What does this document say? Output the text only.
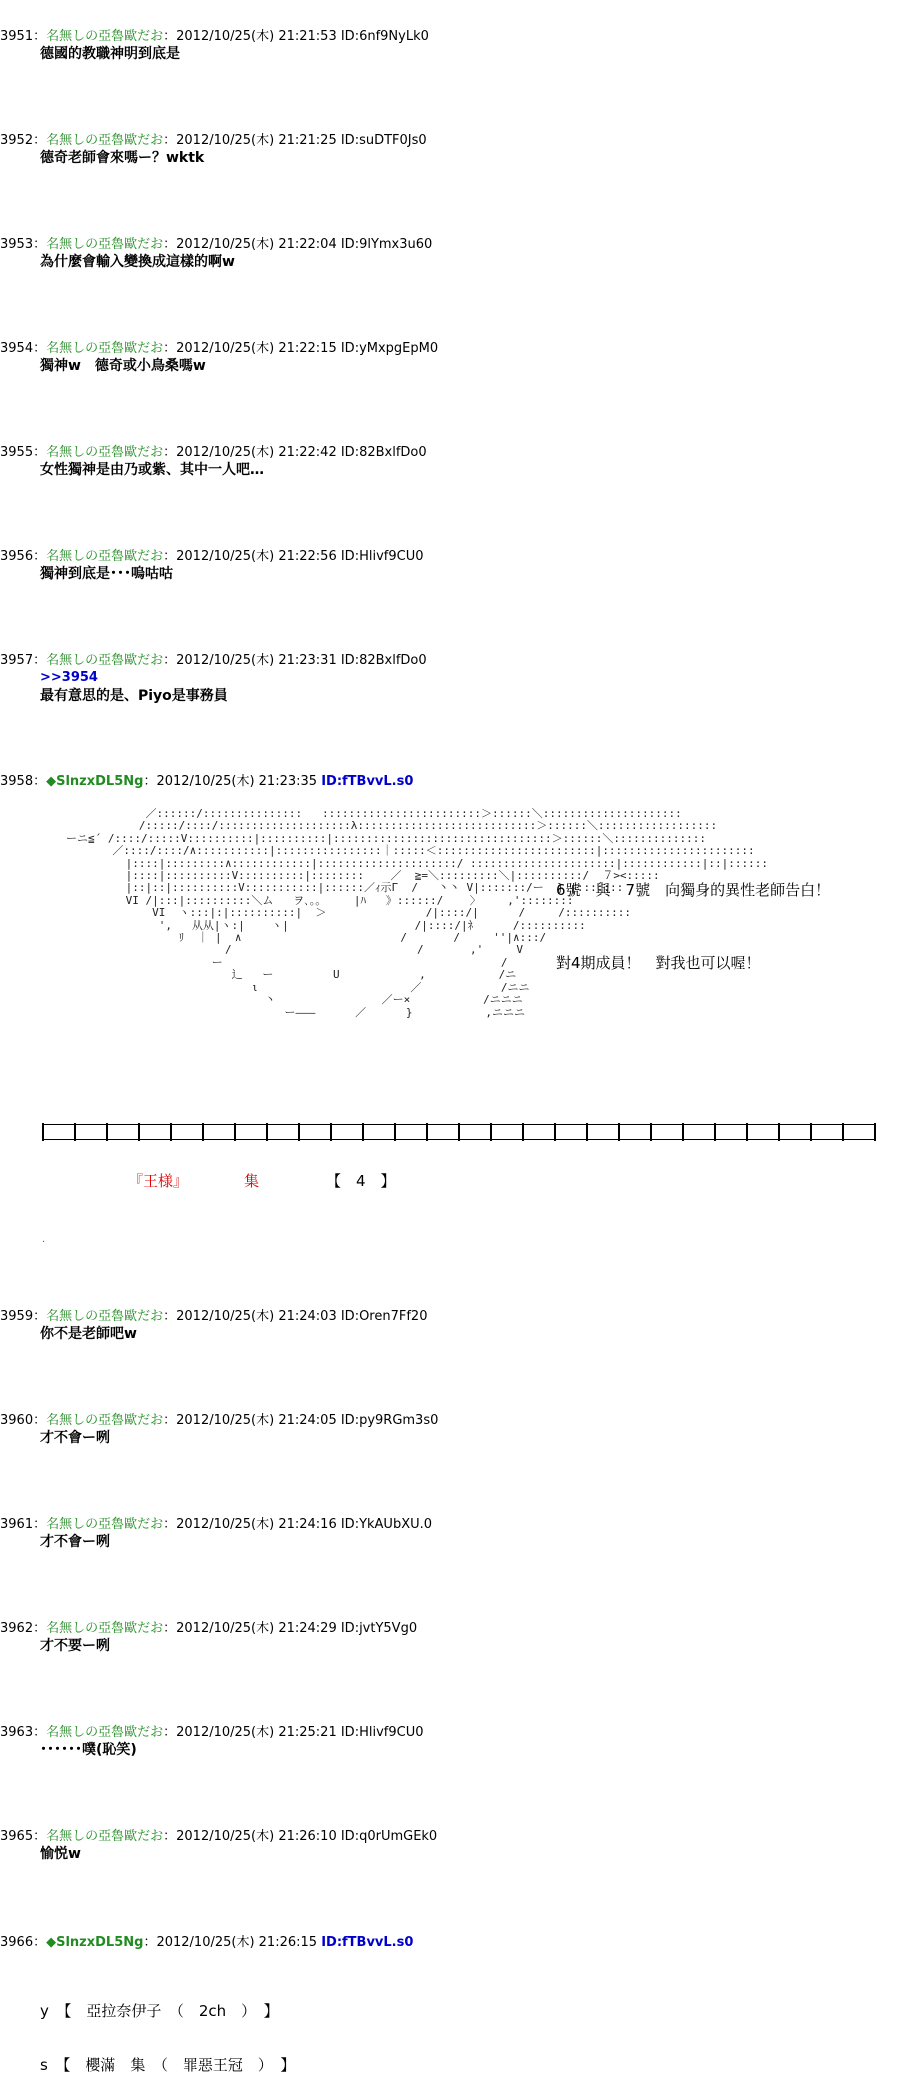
3951：名無しの亞魯歐だお：2012/10/25(木) 21:21:53 ID:6nf9NyLk0
德國的教職神明到底是
3952：名無しの亞魯歐だお：2012/10/25(木) 21:21:25 ID:suDTF0Js0
德奇老師會來嗎ー？wktk
3953：名無しの亞魯歐だお：2012/10/25(木) 21:22:04 ID:9lYmx3u60
為什麼會輸入變換成這樣的啊w
3954：名無しの亞魯歐だお：2012/10/25(木) 21:22:15 ID:yMxpgEpM0
獨神w　德奇或小鳥桑嗎w
3955：名無しの亞魯歐だお：2012/10/25(木) 21:22:42 ID:82BxlfDo0
女性獨神是由乃或紫、其中一人吧…
3956：名無しの亞魯歐だお：2012/10/25(木) 21:22:56 ID:Hlivf9CU0
獨神到底是･･･嗚咕咕
3957：名無しの亞魯歐だお：2012/10/25(木) 21:23:31 ID:82BxlfDo0
>>3954
最有意思的是、Piyo是事務員
3958：◆SlnzxDL5Ng：2012/10/25(木) 21:23:35 ID:fTBvvL.s0
／::::::/:::::::::::::::   ::::::::::::::::::::::::＞::::::＼:::::::::::::::::::::
/:::::/::::/::::::::::::::::::::λ:::::::::::::::::::::::::::＞::::::＼::::::::::::::::::
ーニ≦´ /::::/:::::V::::::::::|::::::::::|:::::::::::::::::::::::::::::::::＞::::::＼::::::::::::::
／::::/::::/∧:::::::::::|::::::::::::::::｜:::::＜::::::::::::::::::::::::|:::::::::::::::::::::::
|::::|:::::::::∧::::::::::::|:::::::::::::::::::::/ ::::::::::::::::::::::|::::::::::::|::|::::::
|::::|::::::::::V::::::::::|::::::::    ／  ≧=＼:::::::::＼|::::::::::/  ７><:::::
|::|::|::::::::::V:::::::::::|::::::／ｨ示Γ  /   丶丶 V|:::::::/ー  } |:::::::
VI /|:::|::::::::::＼ム   ヲ､｡｡     |ﾊ   》::::::/    〉    ,'::::::::
VI  ヽ:::|:|::::::::::|  ＞               /|::::/|      /     /::::::::::
',   从从|ヽ:|    ヽ|                   /|::::/|ﾈ      /::::::::::
ﾘ  ｜ |  ∧                        /       /     ''|∧:::/
/                            /       ,'     V
ー                                          /
辶   ー         U            ,           /ニ
ι                       ／            /ニニ
丶                ／ー×           /ニニニ
ー―――      ／      }           ,ニニニ
6號　與　7號　向獨身的異性老師告白！
對4期成員！　對我也可以喔！
『王様』	集	【　4　】
.
3959：名無しの亞魯歐だお：2012/10/25(木) 21:24:03 ID:Oren7Ff20
你不是老師吧w
3960：名無しの亞魯歐だお：2012/10/25(木) 21:24:05 ID:py9RGm3s0
才不會ー咧
3961：名無しの亞魯歐だお：2012/10/25(木) 21:24:16 ID:YkAUbXU.0
才不會ー咧
3962：名無しの亞魯歐だお：2012/10/25(木) 21:24:29 ID:jvtY5Vg0
才不要ー咧
3963：名無しの亞魯歐だお：2012/10/25(木) 21:25:21 ID:Hlivf9CU0
･･････噗(恥笑)
3965：名無しの亞魯歐だお：2012/10/25(木) 21:26:10 ID:q0rUmGEk0
愉悦w
3966：◆SlnzxDL5Ng：2012/10/25(木) 21:26:15 ID:fTBvvL.s0

y　【　亞拉奈伊子　（　2ch　）　】

s　【　櫻滿　集　（　罪惡王冠　）　】
